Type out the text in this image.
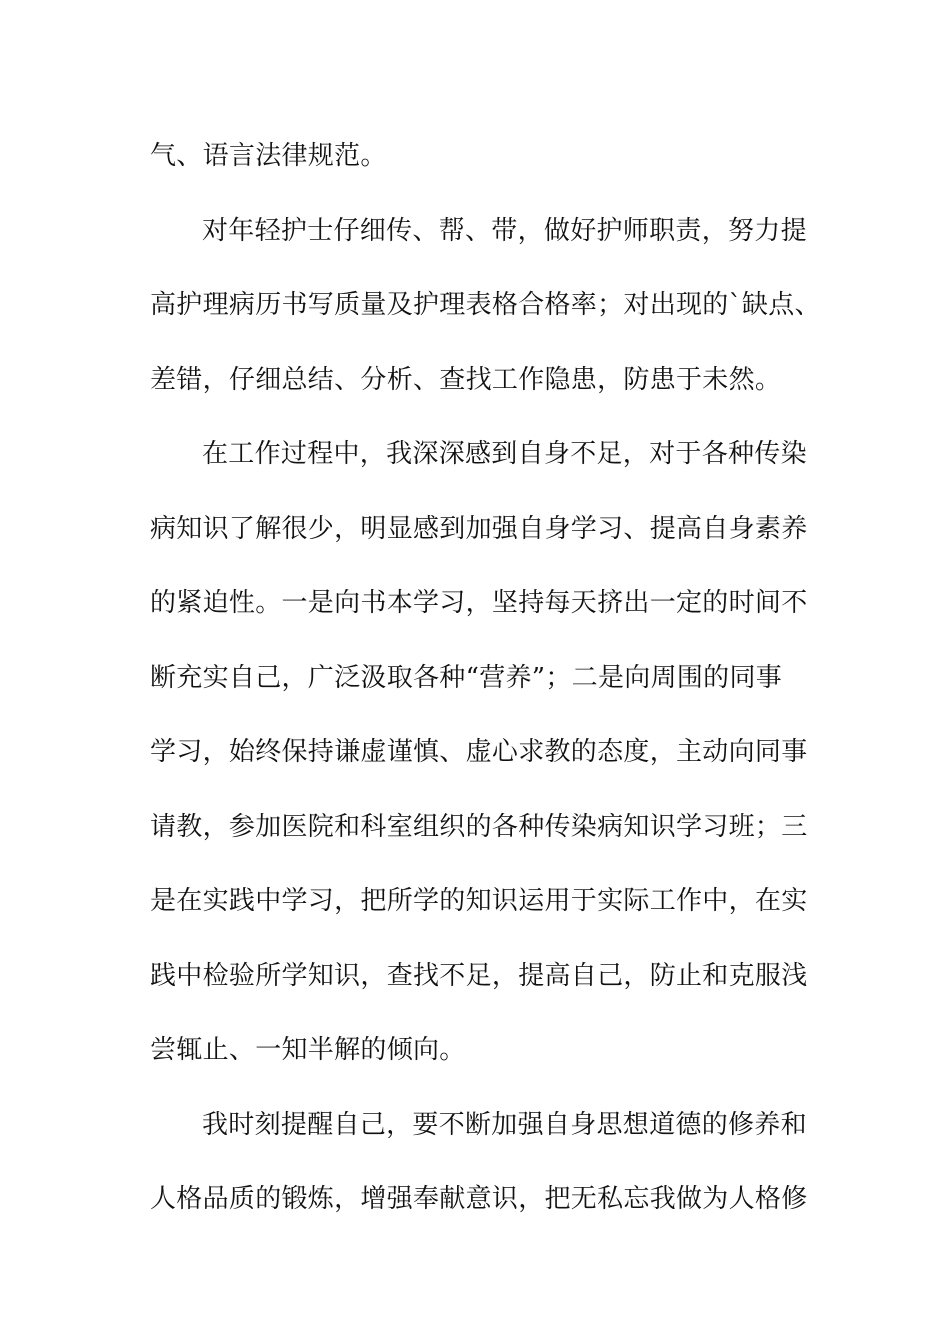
气、语言法律规范。
对年轻护士仔细传、帮、带，做好护师职责，努力提
高护理病历书写质量及护理表格合格率；对出现的`缺点、
差错，仔细总结、分析、查找工作隐患，防患于未然。
在工作过程中，我深深感到自身不足，对于各种传染
病知识了解很少，明显感到加强自身学习、提高自身素养
的紧迫性。一是向书本学习，坚持每天挤出一定的时间不
断充实自己，广泛汲取各种“营养”；二是向周围的同事
学习，始终保持谦虚谨慎、虚心求教的态度，主动向同事
请教，参加医院和科室组织的各种传染病知识学习班；三
是在实践中学习，把所学的知识运用于实际工作中，在实
践中检验所学知识，查找不足，提高自己，防止和克服浅
尝辄止、一知半解的倾向。
我时刻提醒自己，要不断加强自身思想道德的修养和
人格品质的锻炼，增强奉献意识，把无私忘我做为人格修
